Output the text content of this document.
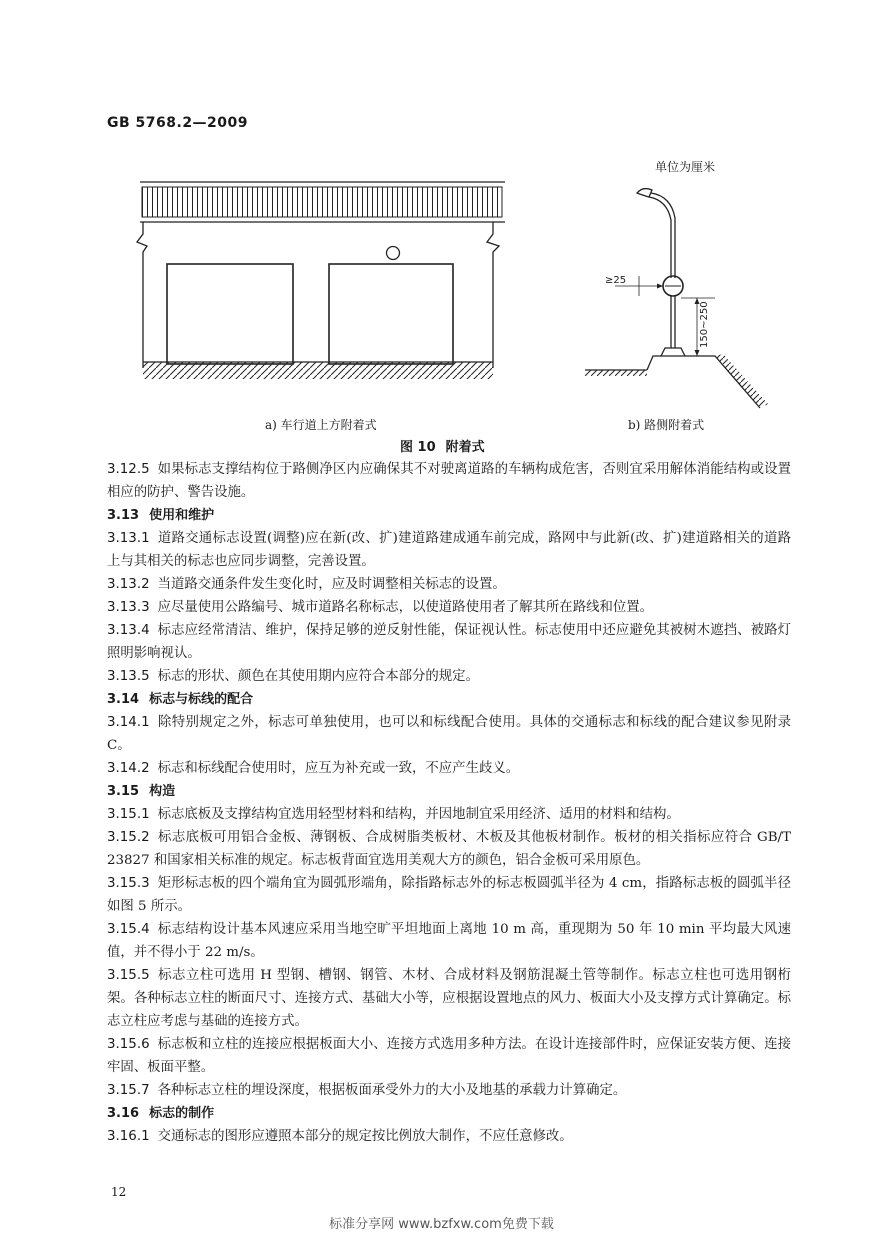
GB 5768.2—2009
单位为厘米
≥25
150~250
a) 车行道上方附着式	b) 路侧附着式
图 10 附着式
3.12.5 如果标志支撑结构位于路侧净区内应确保其不对驶离道路的车辆构成危害，否则宜采用解体消能结构或设置相应的防护、警告设施。
3.13 使用和维护
3.13.1 道路交通标志设置(调整)应在新(改、扩)建道路建成通车前完成，路网中与此新(改、扩)建道路相关的道路上与其相关的标志也应同步调整，完善设置。
3.13.2 当道路交通条件发生变化时，应及时调整相关标志的设置。
3.13.3 应尽量使用公路编号、城市道路名称标志，以使道路使用者了解其所在路线和位置。
3.13.4 标志应经常清洁、维护，保持足够的逆反射性能，保证视认性。标志使用中还应避免其被树木遮挡、被路灯照明影响视认。
3.13.5 标志的形状、颜色在其使用期内应符合本部分的规定。
3.14 标志与标线的配合
3.14.1 除特别规定之外，标志可单独使用，也可以和标线配合使用。具体的交通标志和标线的配合建议参见附录 C。
3.14.2 标志和标线配合使用时，应互为补充或一致，不应产生歧义。
3.15 构造
3.15.1 标志底板及支撑结构宜选用轻型材料和结构，并因地制宜采用经济、适用的材料和结构。
3.15.2 标志底板可用铝合金板、薄钢板、合成树脂类板材、木板及其他板材制作。板材的相关指标应符合 GB/T 23827 和国家相关标准的规定。标志板背面宜选用美观大方的颜色，铝合金板可采用原色。
3.15.3 矩形标志板的四个端角宜为圆弧形端角，除指路标志外的标志板圆弧半径为 4 cm，指路标志板的圆弧半径如图 5 所示。
3.15.4 标志结构设计基本风速应采用当地空旷平坦地面上离地 10 m 高，重现期为 50 年 10 min 平均最大风速值，并不得小于 22 m/s。
3.15.5 标志立柱可选用 H 型钢、槽钢、钢管、木材、合成材料及钢筋混凝土管等制作。标志立柱也可选用钢桁架。各种标志立柱的断面尺寸、连接方式、基础大小等，应根据设置地点的风力、板面大小及支撑方式计算确定。标志立柱应考虑与基础的连接方式。
3.15.6 标志板和立柱的连接应根据板面大小、连接方式选用多种方法。在设计连接部件时，应保证安装方便、连接牢固、板面平整。
3.15.7 各种标志立柱的埋设深度，根据板面承受外力的大小及地基的承载力计算确定。
3.16 标志的制作
3.16.1 交通标志的图形应遵照本部分的规定按比例放大制作，不应任意修改。
12
标准分享网 www.bzfxw.com免费下载
